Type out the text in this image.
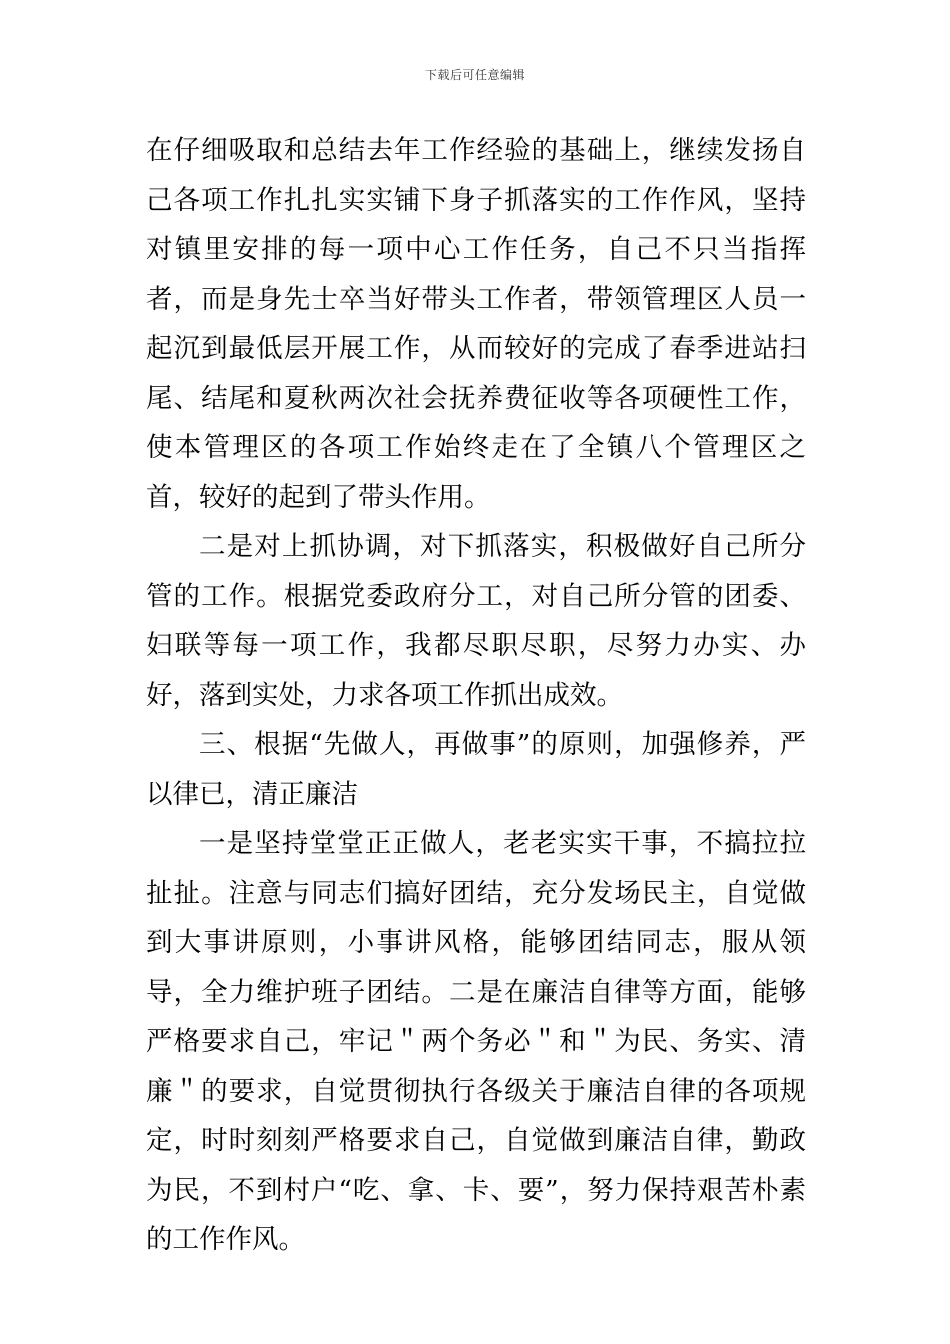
下载后可任意编辑

在仔细吸取和总结去年工作经验的基础上，继续发扬自己各项工作扎扎实实铺下身子抓落实的工作作风，坚持对镇里安排的每一项中心工作任务，自己不只当指挥者，而是身先士卒当好带头工作者，带领管理区人员一起沉到最低层开展工作，从而较好的完成了春季进站扫尾、结尾和夏秋两次社会抚养费征收等各项硬性工作，使本管理区的各项工作始终走在了全镇八个管理区之首，较好的起到了带头作用。

二是对上抓协调，对下抓落实，积极做好自己所分管的工作。根据党委政府分工，对自己所分管的团委、妇联等每一项工作，我都尽职尽职，尽努力办实、办好，落到实处，力求各项工作抓出成效。

三、根据“先做人，再做事”的原则，加强修养，严以律已，清正廉洁

一是坚持堂堂正正做人，老老实实干事，不搞拉拉扯扯。注意与同志们搞好团结，充分发场民主，自觉做到大事讲原则，小事讲风格，能够团结同志，服从领导，全力维护班子团结。二是在廉洁自律等方面，能够严格要求自己，牢记＂两个务必＂和＂为民、务实、清廉＂的要求，自觉贯彻执行各级关于廉洁自律的各项规定，时时刻刻严格要求自己，自觉做到廉洁自律，勤政为民，不到村户“吃、拿、卡、要”，努力保持艰苦朴素的工作作风。
